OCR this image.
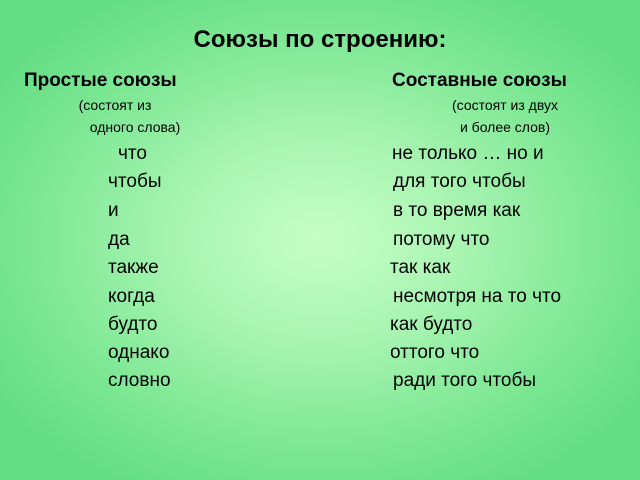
Союзы по строению:
Простые союзы	Составные союзы
(состоят из
одного слова)
(состоят из двух
и более слов)
что
чтобы
и
да
также
когда
будто
однако
словно
не только … но и
для того чтобы
в то время как
потому что
так как
несмотря на то что
как будто
оттого что
ради того чтобы
